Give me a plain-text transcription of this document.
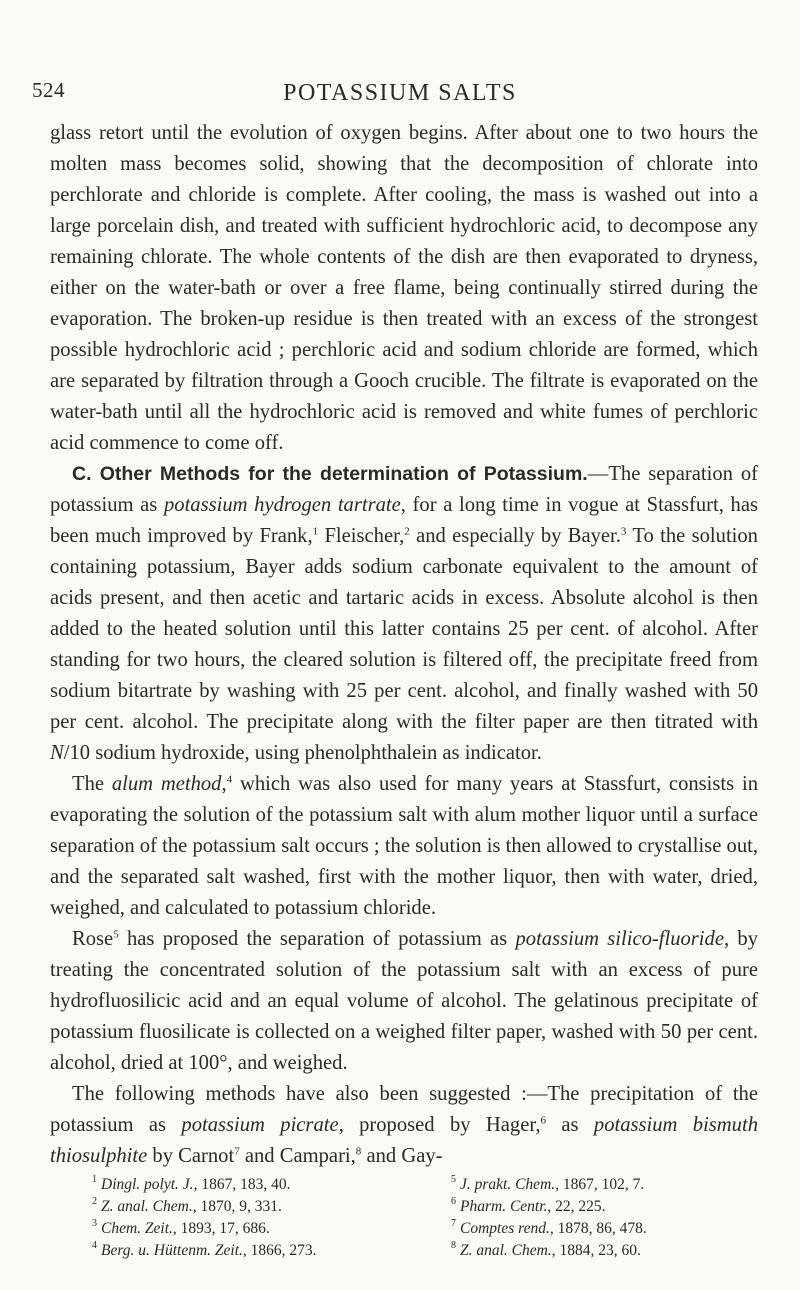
524	POTASSIUM SALTS

glass retort until the evolution of oxygen begins. After about one to two hours the molten mass becomes solid, showing that the decomposition of chlorate into perchlorate and chloride is complete. After cooling, the mass is washed out into a large porcelain dish, and treated with sufficient hydrochloric acid, to decompose any remaining chlorate. The whole contents of the dish are then evaporated to dryness, either on the water-bath or over a free flame, being continually stirred during the evaporation. The broken-up residue is then treated with an excess of the strongest possible hydrochloric acid ; perchloric acid and sodium chloride are formed, which are separated by filtration through a Gooch crucible. The filtrate is evaporated on the water-bath until all the hydrochloric acid is removed and white fumes of perchloric acid commence to come off.

C. Other Methods for the determination of Potassium.—The separation of potassium as potassium hydrogen tartrate, for a long time in vogue at Stassfurt, has been much improved by Frank,$^1$ Fleischer,$^2$ and especially by Bayer.$^3$ To the solution containing potassium, Bayer adds sodium carbonate equivalent to the amount of acids present, and then acetic and tartaric acids in excess. Absolute alcohol is then added to the heated solution until this latter contains 25 per cent. of alcohol. After standing for two hours, the cleared solution is filtered off, the precipitate freed from sodium bitartrate by washing with 25 per cent. alcohol, and finally washed with 50 per cent. alcohol. The precipitate along with the filter paper are then titrated with N/10 sodium hydroxide, using phenolphthalein as indicator.

The alum method,$^4$ which was also used for many years at Stassfurt, consists in evaporating the solution of the potassium salt with alum mother liquor until a surface separation of the potassium salt occurs ; the solution is then allowed to crystallise out, and the separated salt washed, first with the mother liquor, then with water, dried, weighed, and calculated to potassium chloride.

Rose$^5$ has proposed the separation of potassium as potassium silico-fluoride, by treating the concentrated solution of the potassium salt with an excess of pure hydrofluosilicic acid and an equal volume of alcohol. The gelatinous precipitate of potassium fluosilicate is collected on a weighed filter paper, washed with 50 per cent. alcohol, dried at 100°, and weighed.

The following methods have also been suggested :—The precipitation of the potassium as potassium picrate, proposed by Hager,$^6$ as potassium bismuth thiosulphite by Carnot$^7$ and Campari,$^8$ and Gay-

$^1$ Dingl. polyt. J., 1867, 183, 40.
$^2$ Z. anal. Chem., 1870, 9, 331.
$^3$ Chem. Zeit., 1893, 17, 686.
$^4$ Berg. u. Hüttenm. Zeit., 1866, 273.
$^5$ J. prakt. Chem., 1867, 102, 7.
$^6$ Pharm. Centr., 22, 225.
$^7$ Comptes rend., 1878, 86, 478.
$^8$ Z. anal. Chem., 1884, 23, 60.
